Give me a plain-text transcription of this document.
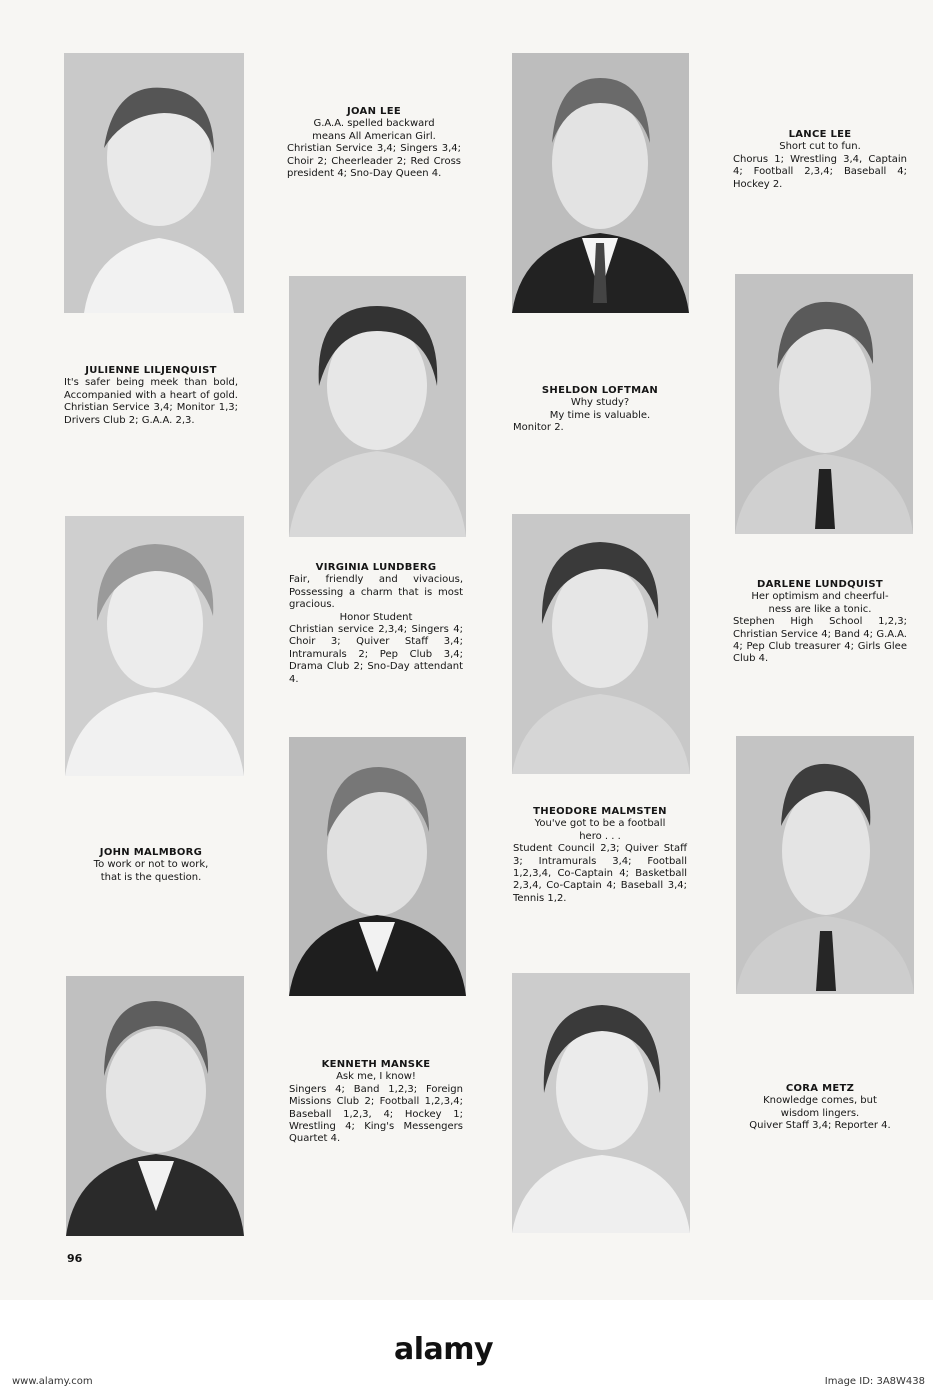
JOAN LEE
G.A.A. spelled backward
means All American Girl.
Christian Service 3,4; Singers 3,4; Choir 2; Cheerleader 2; Red Cross president 4; Sno-Day Queen 4.
LANCE LEE
Short cut to fun.
Chorus 1; Wrestling 3,4, Captain 4; Football 2,3,4; Baseball 4; Hockey 2.
JULIENNE LILJENQUIST
It's safer being meek than bold, Accompanied with a heart of gold. Christian Service 3,4; Monitor 1,3; Drivers Club 2; G.A.A. 2,3.
SHELDON LOFTMAN
Why study?
My time is valuable.
Monitor 2.
VIRGINIA LUNDBERG
Fair, friendly and vivacious, Possessing a charm that is most gracious.
Honor Student
Christian service 2,3,4; Singers 4; Choir 3; Quiver Staff 3,4; Intramurals 2; Pep Club 3,4; Drama Club 2; Sno-Day attendant 4.
DARLENE LUNDQUIST
Her optimism and cheerful-
ness are like a tonic.
Stephen High School 1,2,3; Christian Service 4; Band 4; G.A.A. 4; Pep Club treasurer 4; Girls Glee Club 4.
JOHN MALMBORG
To work or not to work,
that is the question.
THEODORE MALMSTEN
You've got to be a football
hero . . .
Student Council 2,3; Quiver Staff 3; Intramurals 3,4; Football 1,2,3,4, Co-Captain 4; Basketball 2,3,4, Co-Captain 4; Baseball 3,4; Tennis 1,2.
KENNETH MANSKE
Ask me, I know!
Singers 4; Band 1,2,3; Foreign Missions Club 2; Football 1,2,3,4; Baseball 1,2,3, 4; Hockey 1; Wrestling 4; King's Messengers Quartet 4.
CORA METZ
Knowledge comes, but
wisdom lingers.
Quiver Staff 3,4; Reporter 4.
96
alamy
www.alamy.com	Image ID: 3A8W438
